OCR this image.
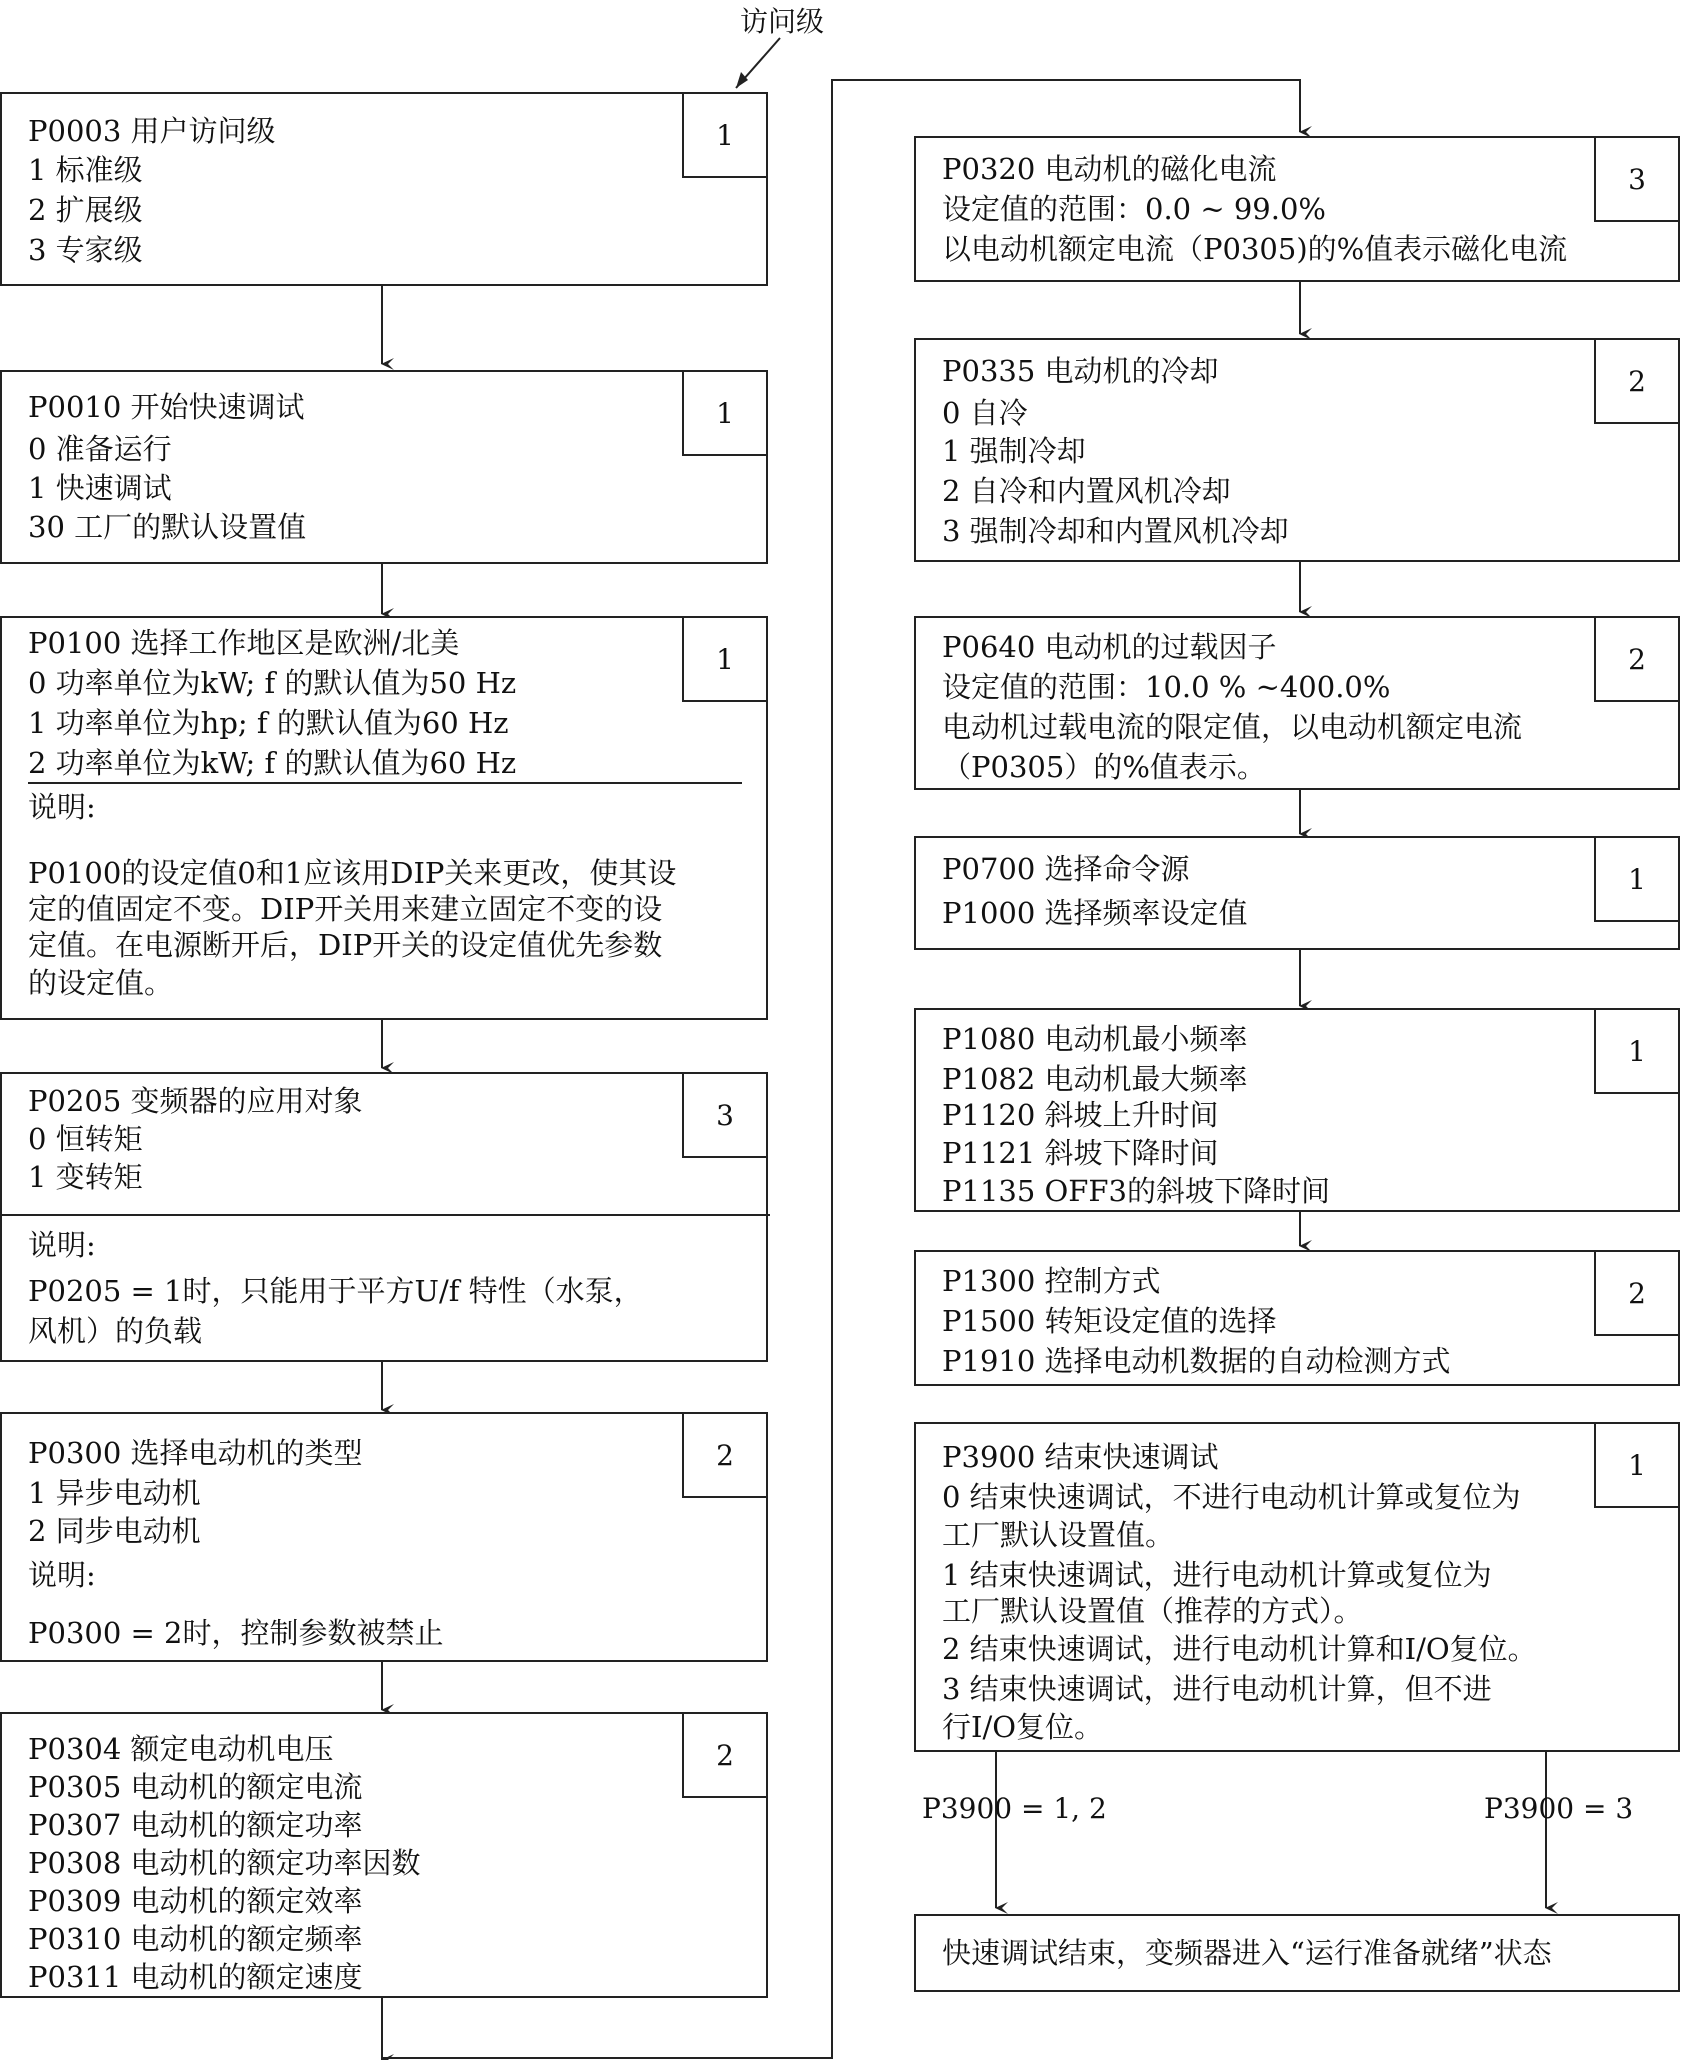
访问级
1
P0003 用户访问级
1 标准级
2 扩展级
3 专家级
1
P0010 开始快速调试
0 准备运行
1 快速调试
30 工厂的默认设置值
1
P0100 选择工作地区是欧洲/北美
0 功率单位为kW; f 的默认值为50 Hz
1 功率单位为hp; f 的默认值为60 Hz
2 功率单位为kW; f 的默认值为60 Hz
说明:
P0100的设定值0和1应该用DIP关来更改，使其设
定的值固定不变。DIP开关用来建立固定不变的设
定值。在电源断开后，DIP开关的设定值优先参数
的设定值。
3
P0205 变频器的应用对象
0 恒转矩
1 变转矩
说明:
P0205 = 1时，只能用于平方U/f 特性（水泵，
风机）的负载
2
P0300 选择电动机的类型
1 异步电动机
2 同步电动机
说明:
P0300 = 2时，控制参数被禁止
2
P0304 额定电动机电压
P0305 电动机的额定电流
P0307 电动机的额定功率
P0308 电动机的额定功率因数
P0309 电动机的额定效率
P0310 电动机的额定频率
P0311 电动机的额定速度
3
P0320 电动机的磁化电流
设定值的范围：0.0 ~ 99.0%
以电动机额定电流（P0305)的%值表示磁化电流
2
P0335 电动机的冷却
0 自冷
1 强制冷却
2 自冷和内置风机冷却
3 强制冷却和内置风机冷却
2
P0640 电动机的过载因子
设定值的范围：10.0 % ~400.0%
电动机过载电流的限定值，以电动机额定电流
（P0305）的%值表示。
1
P0700 选择命令源
P1000 选择频率设定值
1
P1080 电动机最小频率
P1082 电动机最大频率
P1120 斜坡上升时间
P1121 斜坡下降时间
P1135 OFF3的斜坡下降时间
2
P1300 控制方式
P1500 转矩设定值的选择
P1910 选择电动机数据的自动检测方式
1
P3900 结束快速调试
0 结束快速调试，不进行电动机计算或复位为
工厂默认设置值。
1 结束快速调试，进行电动机计算或复位为
工厂默认设置值（推荐的方式）。
2 结束快速调试，进行电动机计算和I/O复位。
3 结束快速调试，进行电动机计算，但不进
行I/O复位。
P3900 = 1, 2	P3900 = 3
快速调试结束，变频器进入“运行准备就绪”状态
